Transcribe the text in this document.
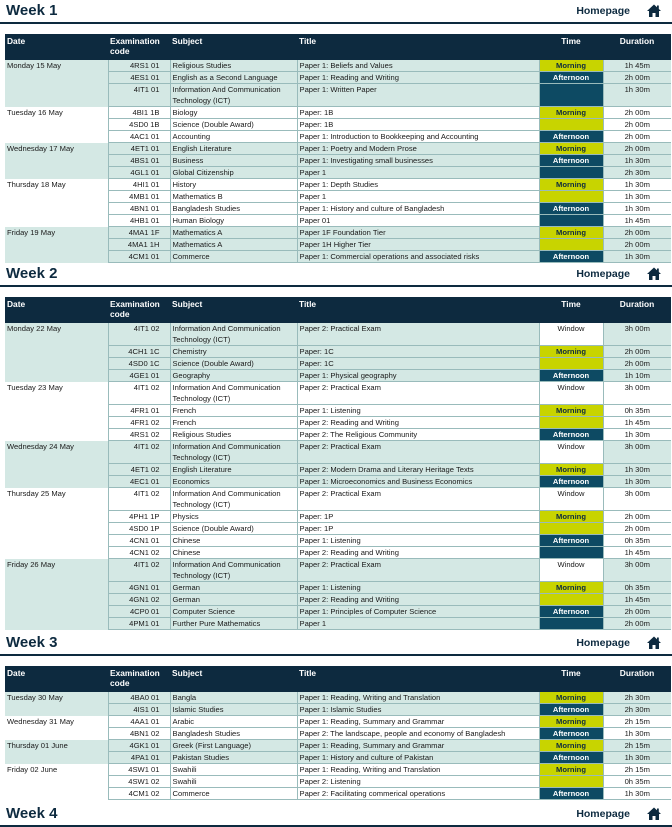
Week 1	Homepage
Date	Examination code	Subject	Title	Time	Duration
Monday 15 May	4RS1 01	Religious Studies	Paper 1: Beliefs and Values	Morning	1h 45m
	4ES1 01	English as a Second Language	Paper 1: Reading and Writing	Afternoon	2h 00m
	4IT1 01	Information And Communication Technology (ICT)	Paper 1: Written Paper		1h 30m
Tuesday 16 May	4BI1 1B	Biology	Paper: 1B	Morning	2h 00m
	4SD0 1B	Science (Double Award)	Paper: 1B		2h 00m
	4AC1 01	Accounting	Paper 1: Introduction to Bookkeeping and Accounting	Afternoon	2h 00m
Wednesday 17 May	4ET1 01	English Literature	Paper 1: Poetry and Modern Prose	Morning	2h 00m
	4BS1 01	Business	Paper 1: Investigating small businesses	Afternoon	1h 30m
	4GL1 01	Global Citizenship	Paper 1		2h 30m
Thursday 18 May	4HI1 01	History	Paper 1: Depth Studies	Morning	1h 30m
	4MB1 01	Mathematics B	Paper 1		1h 30m
	4BN1 01	Bangladesh Studies	Paper 1: History and culture of Bangladesh	Afternoon	1h 30m
	4HB1 01	Human Biology	Paper 01		1h 45m
Friday 19 May	4MA1 1F	Mathematics A	Paper 1F Foundation Tier	Morning	2h 00m
	4MA1 1H	Mathematics A	Paper 1H Higher Tier		2h 00m
	4CM1 01	Commerce	Paper 1: Commercial operations and associated risks	Afternoon	1h 30m
Week 2	Homepage
Date	Examination code	Subject	Title	Time	Duration
Monday 22 May	4IT1 02	Information And Communication Technology (ICT)	Paper 2: Practical Exam	Window	3h 00m
	4CH1 1C	Chemistry	Paper: 1C	Morning	2h 00m
	4SD0 1C	Science (Double Award)	Paper: 1C		2h 00m
	4GE1 01	Geography	Paper 1: Physical geography	Afternoon	1h 10m
Tuesday 23 May	4IT1 02	Information And Communication Technology (ICT)	Paper 2: Practical Exam	Window	3h 00m
	4FR1 01	French	Paper 1: Listening	Morning	0h 35m
	4FR1 02	French	Paper 2: Reading and Writing		1h 45m
	4RS1 02	Religious Studies	Paper 2: The Religious Community	Afternoon	1h 30m
Wednesday 24 May	4IT1 02	Information And Communication Technology (ICT)	Paper 2: Practical Exam	Window	3h 00m
	4ET1 02	English Literature	Paper 2: Modern Drama and Literary Heritage Texts	Morning	1h 30m
	4EC1 01	Economics	Paper 1: Microeconomics and Business Economics	Afternoon	1h 30m
Thursday 25 May	4IT1 02	Information And Communication Technology (ICT)	Paper 2: Practical Exam	Window	3h 00m
	4PH1 1P	Physics	Paper: 1P	Morning	2h 00m
	4SD0 1P	Science (Double Award)	Paper: 1P		2h 00m
	4CN1 01	Chinese	Paper 1: Listening	Afternoon	0h 35m
	4CN1 02	Chinese	Paper 2: Reading and Writing		1h 45m
Friday 26 May	4IT1 02	Information And Communication Technology (ICT)	Paper 2: Practical Exam	Window	3h 00m
	4GN1 01	German	Paper 1: Listening	Morning	0h 35m
	4GN1 02	German	Paper 2: Reading and Writing		1h 45m
	4CP0 01	Computer Science	Paper 1: Principles of Computer Science	Afternoon	2h 00m
	4PM1 01	Further Pure Mathematics	Paper 1		2h 00m
Week 3	Homepage
Date	Examination code	Subject	Title	Time	Duration
Tuesday 30 May	4BA0 01	Bangla	Paper 1: Reading, Writing and Translation	Morning	2h 30m
	4IS1 01	Islamic Studies	Paper 1: Islamic Studies	Afternoon	2h 30m
Wednesday 31 May	4AA1 01	Arabic	Paper 1: Reading, Summary and Grammar	Morning	2h 15m
	4BN1 02	Bangladesh Studies	Paper 2: The landscape, people and economy of Bangladesh	Afternoon	1h 30m
Thursday 01 June	4GK1 01	Greek (First Language)	Paper 1: Reading, Summary and Grammar	Morning	2h 15m
	4PA1 01	Pakistan Studies	Paper 1: History and culture of Pakistan	Afternoon	1h 30m
Friday 02 June	4SW1 01	Swahili	Paper 1: Reading, Writing and Translation	Morning	2h 15m
	4SW1 02	Swahili	Paper 2: Listening		0h 35m
	4CM1 02	Commerce	Paper 2: Facilitating commerical operations	Afternoon	1h 30m
Week 4	Homepage
